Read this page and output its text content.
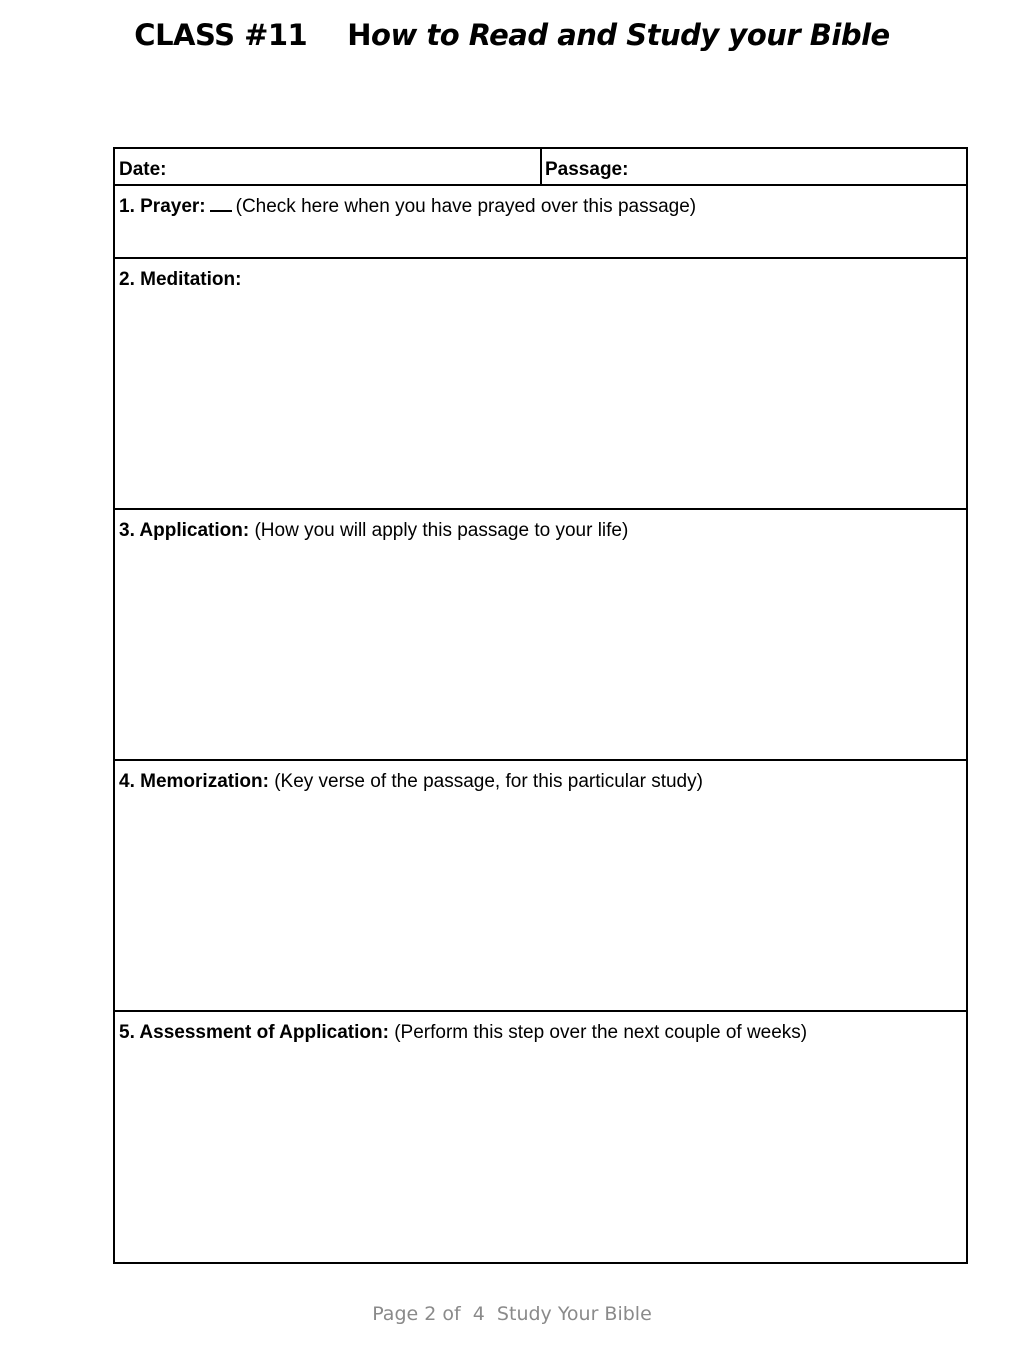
CLASS #11 How to Read and Study your Bible
Date:	Passage:
1. Prayer: (Check here when you have prayed over this passage)
2. Meditation:
3. Application: (How you will apply this passage to your life)
4. Memorization: (Key verse of the passage, for this particular study)
5. Assessment of Application: (Perform this step over the next couple of weeks)
Page 2 of  4  Study Your Bible
